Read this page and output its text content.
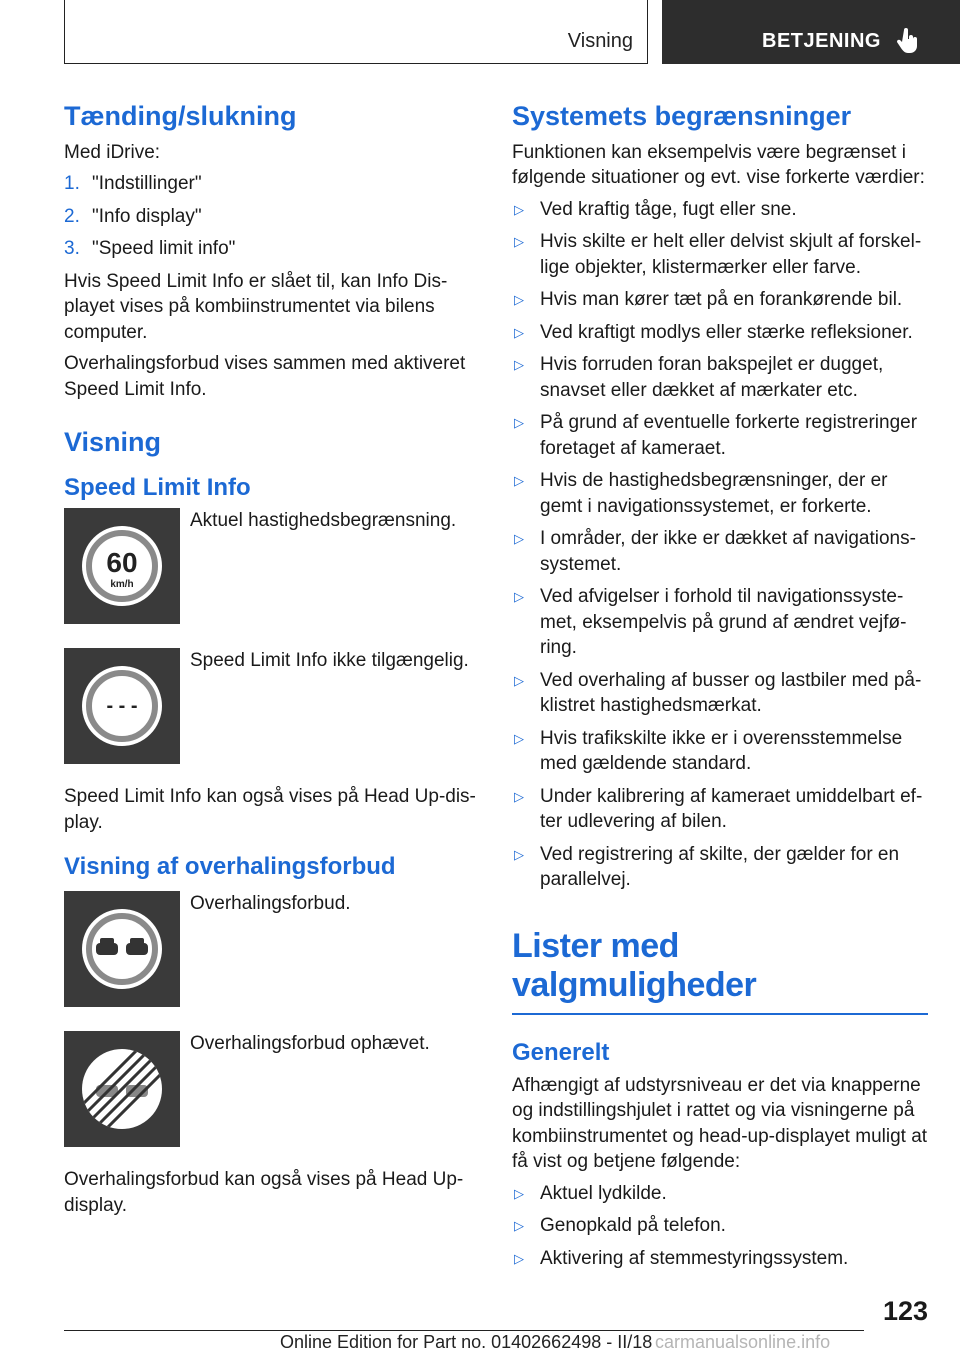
Visning	BETJENING
Tænding/slukning

Med iDrive:

1. "Indstillinger"
2. "Info display"
3. "Speed limit info"

Hvis Speed Limit Info er slået til, kan Info Dis-playet vises på kombiinstrumentet via bilens computer.

Overhalingsforbud vises sammen med aktiveret Speed Limit Info.

Visning
Speed Limit Info
60
km/h
Aktuel hastighedsbegrænsning.
- - -
Speed Limit Info ikke tilgængelig.

Speed Limit Info kan også vises på Head Up-dis-play.

Visning af overhalingsforbud
Overhalingsforbud.
Overhalingsforbud ophævet.

Overhalingsforbud kan også vises på Head Up-display.

Systemets begrænsninger

Funktionen kan eksempelvis være begrænset i følgende situationer og evt. vise forkerte værdier:

▷ Ved kraftig tåge, fugt eller sne.
▷ Hvis skilte er helt eller delvist skjult af forskel-lige objekter, klistermærker eller farve.
▷ Hvis man kører tæt på en forankørende bil.
▷ Ved kraftigt modlys eller stærke refleksioner.
▷ Hvis forruden foran bakspejlet er dugget, snavset eller dækket af mærkater etc.
▷ På grund af eventuelle forkerte registreringer foretaget af kameraet.
▷ Hvis de hastighedsbegrænsninger, der er gemt i navigationssystemet, er forkerte.
▷ I områder, der ikke er dækket af navigations-systemet.
▷ Ved afvigelser i forhold til navigationssyste-met, eksempelvis på grund af ændret vejfø-ring.
▷ Ved overhaling af busser og lastbiler med på-klistret hastighedsmærkat.
▷ Hvis trafikskilte ikke er i overensstemmelse med gældende standard.
▷ Under kalibrering af kameraet umiddelbart ef-ter udlevering af bilen.
▷ Ved registrering af skilte, der gælder for en parallelvej.
Lister med valgmuligheder
Generelt

Afhængigt af udstyrsniveau er det via knapperne og indstillingshjulet i rattet og via visningerne på kombiinstrumentet og head-up-displayet muligt at få vist og betjene følgende:

▷ Aktuel lydkilde.
▷ Genopkald på telefon.
▷ Aktivering af stemmestyringssystem.
123
Online Edition for Part no. 01402662498 - II/18 carmanualsonline.info
